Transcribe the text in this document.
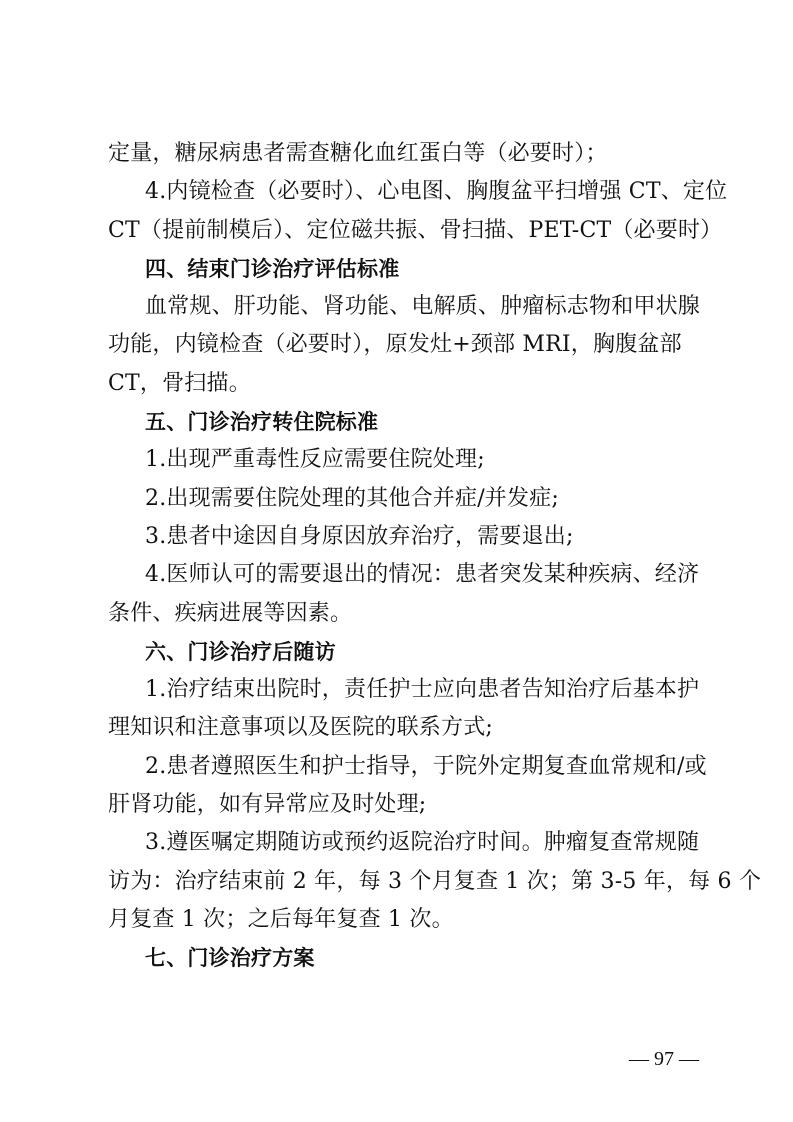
定量，糖尿病患者需查糖化血红蛋白等（必要时）；
4.内镜检查（必要时）、心电图、胸腹盆平扫增强 CT、定位
CT（提前制模后）、定位磁共振、骨扫描、PET-CT（必要时）
四、结束门诊治疗评估标准
血常规、肝功能、肾功能、电解质、肿瘤标志物和甲状腺
功能，内镜检查（必要时），原发灶+颈部 MRI，胸腹盆部
CT，骨扫描。
五、门诊治疗转住院标准
1.出现严重毒性反应需要住院处理;
2.出现需要住院处理的其他合并症/并发症;
3.患者中途因自身原因放弃治疗，需要退出;
4.医师认可的需要退出的情况：患者突发某种疾病、经济
条件、疾病进展等因素。
六、门诊治疗后随访
1.治疗结束出院时，责任护士应向患者告知治疗后基本护
理知识和注意事项以及医院的联系方式;
2.患者遵照医生和护士指导，于院外定期复查血常规和/或
肝肾功能，如有异常应及时处理;
3.遵医嘱定期随访或预约返院治疗时间。肿瘤复查常规随
访为：治疗结束前 2 年，每 3 个月复查 1 次；第 3-5 年，每 6 个
月复查 1 次；之后每年复查 1 次。
七、门诊治疗方案
— 97 —
